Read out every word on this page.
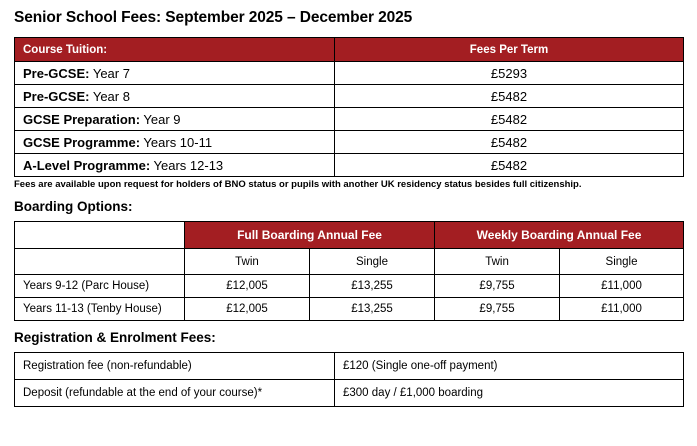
Senior School Fees: September 2025 – December 2025
Course Tuition:	Fees Per Term
Pre-GCSE: Year 7	£5293
Pre-GCSE: Year 8	£5482
GCSE Preparation: Year 9	£5482
GCSE Programme: Years 10-11	£5482
A-Level Programme: Years 12-13	£5482
Fees are available upon request for holders of BNO status or pupils with another UK residency status besides full citizenship.
Boarding Options:
	Full Boarding Annual Fee		Weekly Boarding Annual Fee	
	Twin	Single	Twin	Single
Years 9-12 (Parc House)	£12,005	£13,255	£9,755	£11,000
Years 11-13 (Tenby House)	£12,005	£13,255	£9,755	£11,000
Registration & Enrolment Fees:
Registration fee (non-refundable)	£120 (Single one-off payment)
Deposit (refundable at the end of your course)*	£300 day / £1,000 boarding
